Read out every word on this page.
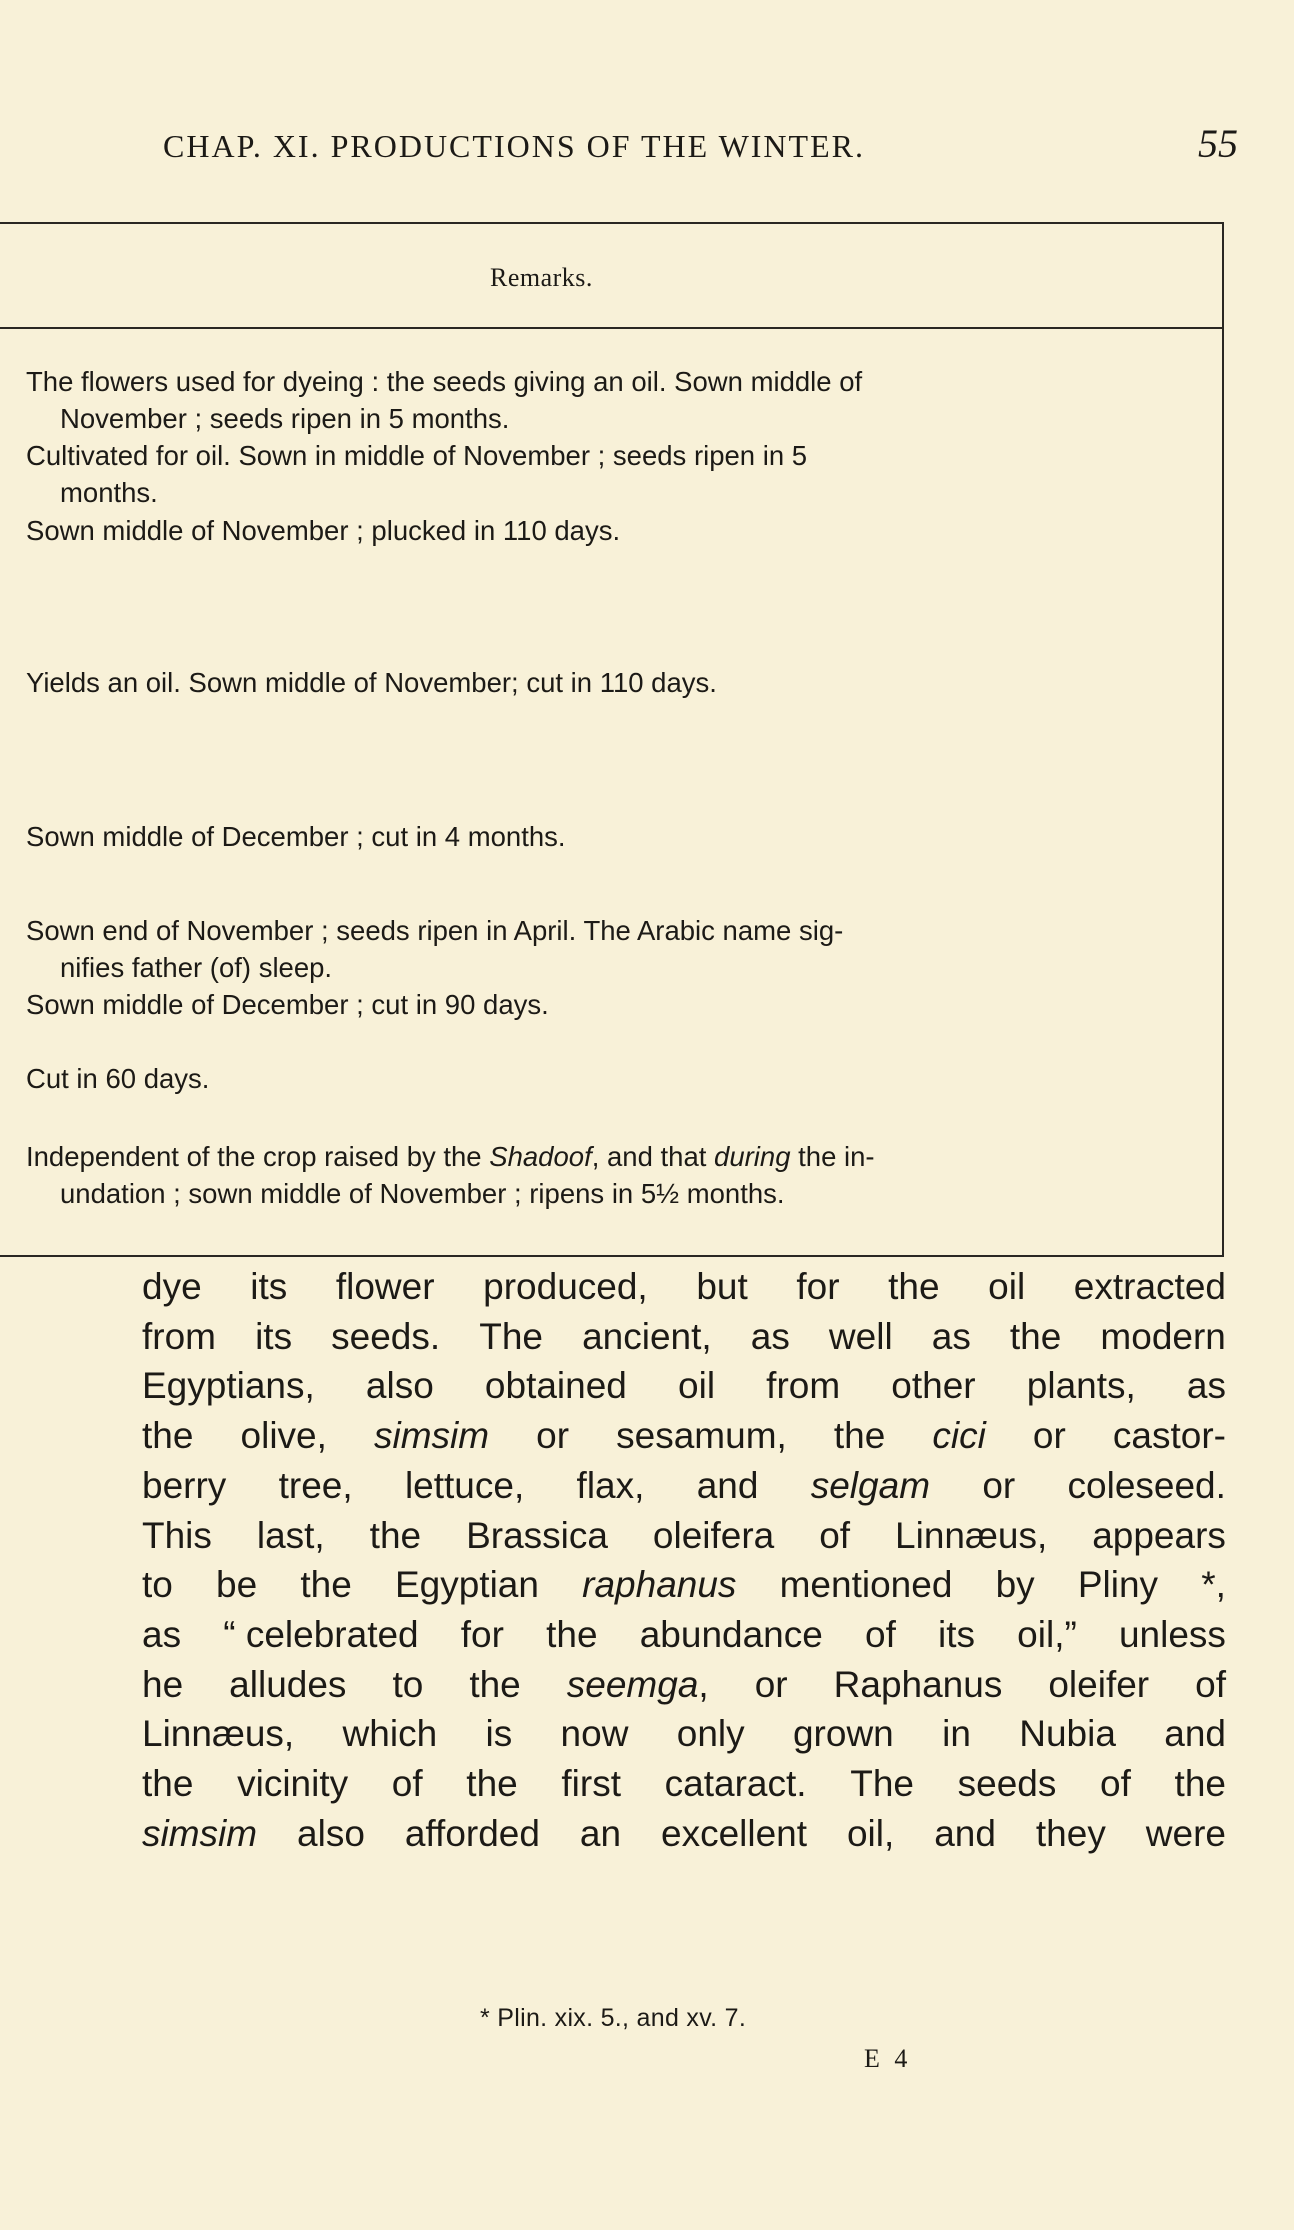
CHAP. XI. PRODUCTIONS OF THE WINTER.	55
Remarks.
The flowers used for dyeing : the seeds giving an oil. Sown middle of
November ; seeds ripen in 5 months.
Cultivated for oil. Sown in middle of November ; seeds ripen in 5
months.
Sown middle of November ; plucked in 110 days.
Yields an oil. Sown middle of November; cut in 110 days.
Sown middle of December ; cut in 4 months.
Sown end of November ; seeds ripen in April. The Arabic name sig-
nifies father (of) sleep.
Sown middle of December ; cut in 90 days.
Cut in 60 days.
Independent of the crop raised by the Shadoof, and that during the in-
undation ; sown middle of November ; ripens in 5½ months.
dye its flower produced, but for the oil extracted
from its seeds. The ancient, as well as the modern
Egyptians, also obtained oil from other plants, as
the olive, simsim or sesamum, the cici or castor-
berry tree, lettuce, flax, and selgam or coleseed.
This last, the Brassica oleifera of Linnæus, appears
to be the Egyptian raphanus mentioned by Pliny *,
as “ celebrated for the abundance of its oil,” unless
he alludes to the seemga, or Raphanus oleifer of
Linnæus, which is now only grown in Nubia and
the vicinity of the first cataract. The seeds of the
simsim also afforded an excellent oil, and they were
* Plin. xix. 5., and xv. 7.
E 4
